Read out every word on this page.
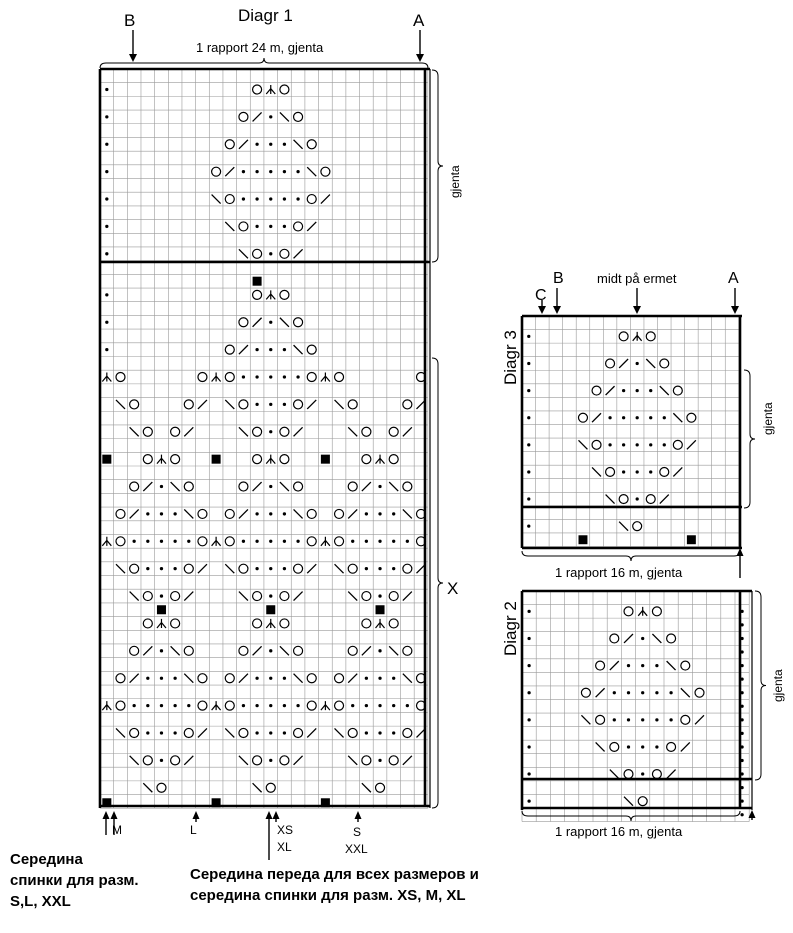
Diagr 1
B	A
1 rapport 24 m, gjenta
gjenta
X
M	L	XS
XL
S
XXL
Середина
спинки для разм.
S,L, XXL
Середина переда для всех размеров и
середина спинки для разм. XS, M, XL
Diagr 3
C
B	midt på ermet	A
gjenta
1 rapport 16 m, gjenta
Diagr 2
gjenta
1 rapport 16 m, gjenta
